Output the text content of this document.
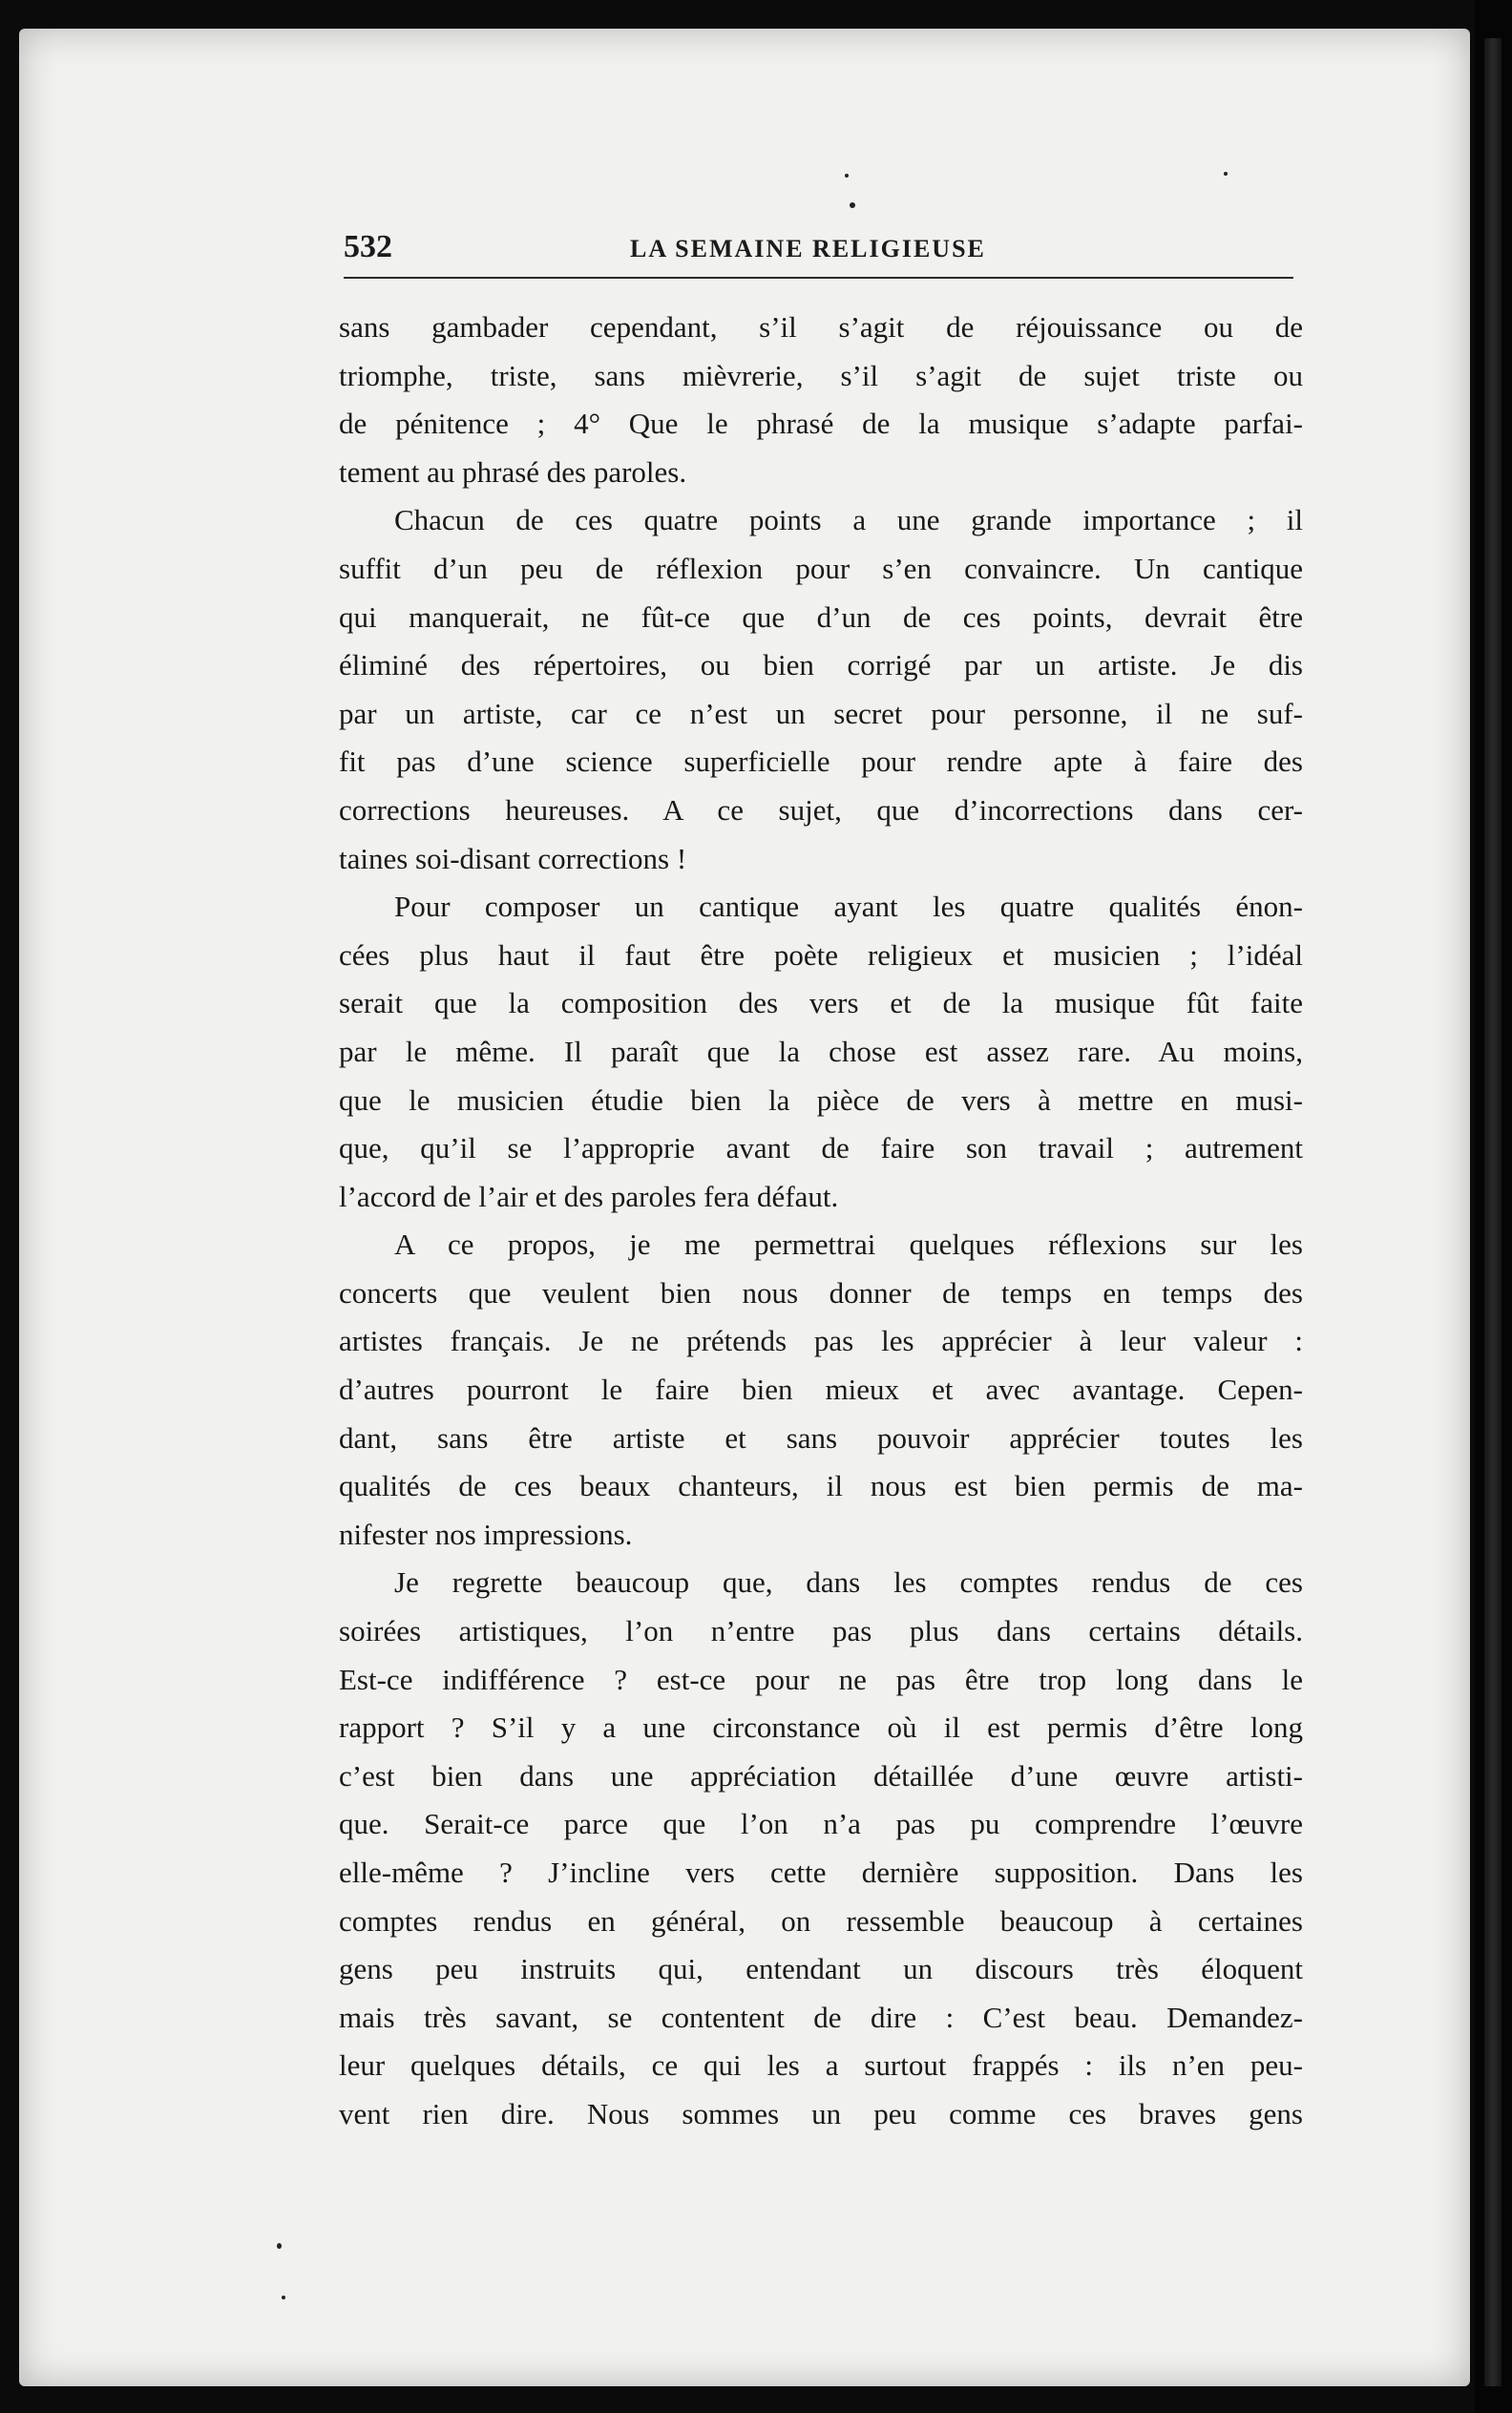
532	LA SEMAINE RELIGIEUSE
sans gambader cependant, s’il s’agit de réjouissance ou de
triomphe, triste, sans mièvrerie, s’il s’agit de sujet triste ou
de pénitence ; 4° Que le phrasé de la musique s’adapte parfai-
tement au phrasé des paroles.
Chacun de ces quatre points a une grande importance ; il
suffit d’un peu de réflexion pour s’en convaincre. Un cantique
qui manquerait, ne fût-ce que d’un de ces points, devrait être
éliminé des répertoires, ou bien corrigé par un artiste. Je dis
par un artiste, car ce n’est un secret pour personne, il ne suf-
fit pas d’une science superficielle pour rendre apte à faire des
corrections heureuses. A ce sujet, que d’incorrections dans cer-
taines soi-disant corrections !
Pour composer un cantique ayant les quatre qualités énon-
cées plus haut il faut être poète religieux et musicien ; l’idéal
serait que la composition des vers et de la musique fût faite
par le même. Il paraît que la chose est assez rare. Au moins,
que le musicien étudie bien la pièce de vers à mettre en musi-
que, qu’il se l’approprie avant de faire son travail ; autrement
l’accord de l’air et des paroles fera défaut.
A ce propos, je me permettrai quelques réflexions sur les
concerts que veulent bien nous donner de temps en temps des
artistes français. Je ne prétends pas les apprécier à leur valeur :
d’autres pourront le faire bien mieux et avec avantage. Cepen-
dant, sans être artiste et sans pouvoir apprécier toutes les
qualités de ces beaux chanteurs, il nous est bien permis de ma-
nifester nos impressions.
Je regrette beaucoup que, dans les comptes rendus de ces
soirées artistiques, l’on n’entre pas plus dans certains détails.
Est-ce indifférence ? est-ce pour ne pas être trop long dans le
rapport ? S’il y a une circonstance où il est permis d’être long
c’est bien dans une appréciation détaillée d’une œuvre artisti-
que. Serait-ce parce que l’on n’a pas pu comprendre l’œuvre
elle-même ? J’incline vers cette dernière supposition. Dans les
comptes rendus en général, on ressemble beaucoup à certaines
gens peu instruits qui, entendant un discours très éloquent
mais très savant, se contentent de dire : C’est beau. Demandez-
leur quelques détails, ce qui les a surtout frappés : ils n’en peu-
vent rien dire. Nous sommes un peu comme ces braves gens
